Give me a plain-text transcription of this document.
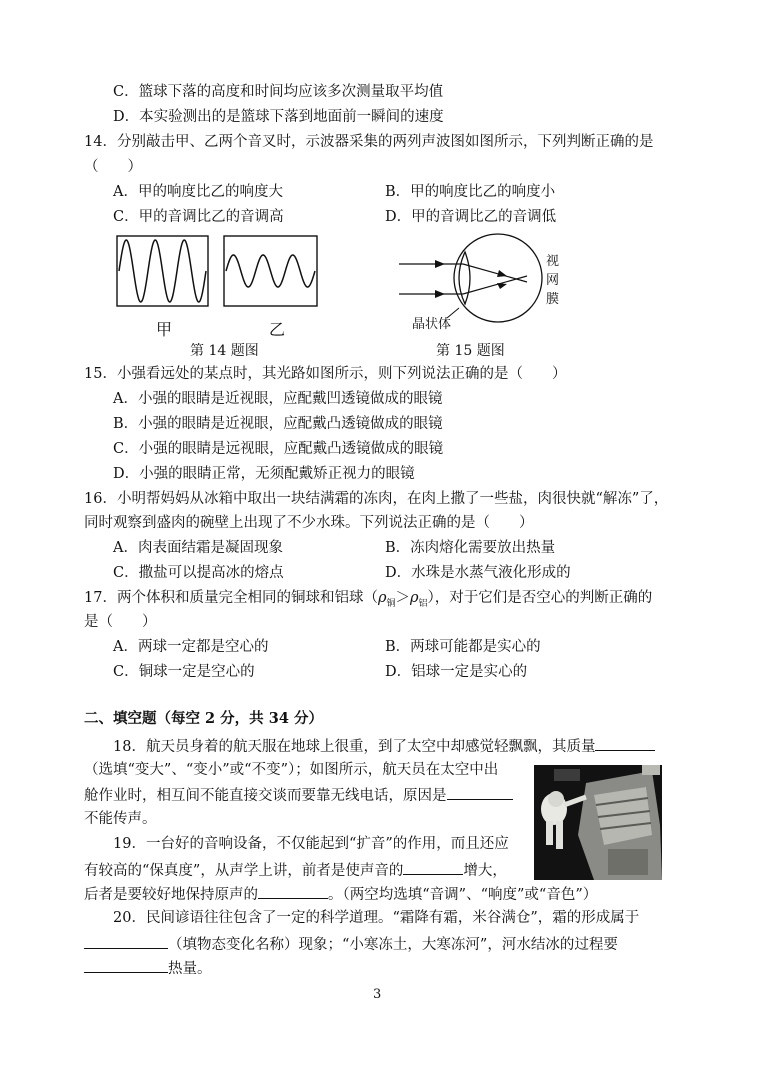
C．篮球下落的高度和时间均应该多次测量取平均值
D．本实验测出的是篮球下落到地面前一瞬间的速度
14．分别敲击甲、乙两个音叉时，示波器采集的两列声波图如图所示，下列判断正确的是
（　　）
A．甲的响度比乙的响度大	B．甲的响度比乙的响度小
C．甲的音调比乙的音调高	D．甲的音调比乙的音调低
甲	乙
第 14 题图
晶状体
视
网
膜
第 15 题图
15．小强看远处的某点时，其光路如图所示，则下列说法正确的是（　　）
A．小强的眼睛是近视眼，应配戴凹透镜做成的眼镜
B．小强的眼睛是近视眼，应配戴凸透镜做成的眼镜
C．小强的眼睛是远视眼，应配戴凸透镜做成的眼镜
D．小强的眼睛正常，无须配戴矫正视力的眼镜
16．小明帮妈妈从冰箱中取出一块结满霜的冻肉，在肉上撒了一些盐，肉很快就“解冻”了，
同时观察到盛肉的碗壁上出现了不少水珠。下列说法正确的是（　　）
A．肉表面结霜是凝固现象	B．冻肉熔化需要放出热量
C．撒盐可以提高冰的熔点	D．水珠是水蒸气液化形成的
17．两个体积和质量完全相同的铜球和铝球$(\rho_铜>\rho_铝)$，对于它们是否空心的判断正确的
是（　　）
A．两球一定都是空心的	B．两球可能都是实心的
C．铜球一定是空心的	D．铝球一定是实心的
二、填空题（每空 2 分，共 34 分）
18．航天员身着的航天服在地球上很重，到了太空中却感觉轻飘飘，其质量
（选填“变大”、“变小”或“不变”）；如图所示，航天员在太空中出
舱作业时，相互间不能直接交谈而要靠无线电话，原因是
不能传声。
19．一台好的音响设备，不仅能起到“扩音”的作用，而且还应
有较高的“保真度”，从声学上讲，前者是使声音的	增大，
后者是要较好地保持原声的	。（两空均选填“音调”、“响度”或“音色”）
20．民间谚语往往包含了一定的科学道理。“霜降有霜，米谷满仓”，霜的形成属于
（填物态变化名称）现象；“小寒冻土，大寒冻河”，河水结冰的过程要
热量。
3
